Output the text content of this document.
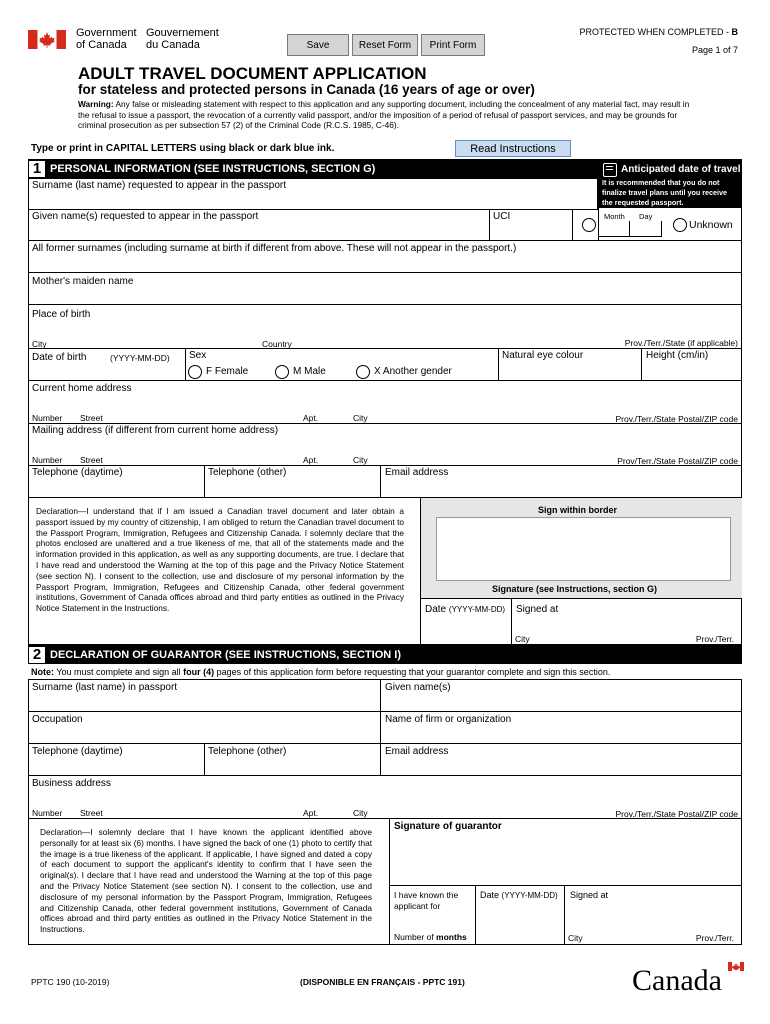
Government
of Canada
Gouvernement
du Canada	Save	Reset Form	Print Form
PROTECTED WHEN COMPLETED - B
Page 1 of 7
ADULT TRAVEL DOCUMENT APPLICATION
for stateless and protected persons in Canada (16 years of age or over)
Warning: Any false or misleading statement with respect to this application and any supporting document, including the concealment of any material fact, may result in
the refusal to issue a passport, the revocation of a currently valid passport, and/or the imposition of a period of refusal of passport services, and may be grounds for
criminal prosecution as per subsection 57 (2) of the Criminal Code (R.C.S. 1985, C-46).
Type or print in CAPITAL LETTERS using black or dark blue ink.	Read Instructions
1 PERSONAL INFORMATION (SEE INSTRUCTIONS, SECTION G)	Anticipated date of travel
It is recommended that you do not
finalize travel plans until you receive
the requested passport.
Month Day
Unknown
Surname (last name) requested to appear in the passport
Given name(s) requested to appear in the passport	UCI
All former surnames (including surname at birth if different from above. These will not appear in the passport.)
Mother's maiden name
Place of birth
City	Country	Prov./Terr./State (if applicable)
Date of birth	(YYYY-MM-DD) Sex
F Female	M Male	X Another gender
Natural eye colour	Height (cm/in)
Current home address
Number Street	Apt.	City	Prov./Terr./State Postal/ZIP code
Mailing address (if different from current home address)
Number Street	Apt.	City	Prov/Terr./State Postal/ZIP code
Telephone (daytime)	Telephone (other)	Email address
Declaration—I understand that if I am issued a Canadian travel document and later obtain a passport issued by my country of citizenship, I am obliged to return the Canadian travel document to the Passport Program, Immigration, Refugees and Citizenship Canada. I solemnly declare that the photos enclosed are unaltered and a true likeness of me, that all of the statements made and the information provided in this application, as well as any supporting documents, are true. I declare that I have read and understood the Warning at the top of this page and the Privacy Notice Statement (see section N). I consent to the collection, use and disclosure of my personal information by the Passport Program, Immigration, Refugees and Citizenship Canada, other federal government institutions, Government of Canada offices abroad and third party entities as outlined in the Privacy Notice Statement in the Instructions.
Sign within border
Signature (see Instructions, section G)
Date (YYYY-MM-DD) Signed at
City	Prov./Terr.
2 DECLARATION OF GUARANTOR (SEE INSTRUCTIONS, SECTION I)
Note: You must complete and sign all four (4) pages of this application form before requesting that your guarantor complete and sign this section.
Surname (last name) in passport	Given name(s)
Occupation	Name of firm or organization
Telephone (daytime)	Telephone (other)	Email address
Business address
Number Street	Apt.	City	Prov./Terr./State Postal/ZIP code
Declaration—I solemnly declare that I have known the applicant identified above personally for at least six (6) months. I have signed the back of one (1) photo to certify that the image is a true likeness of the applicant. If applicable, I have signed and dated a copy of each document to support the applicant's identity to confirm that I have seen the original(s). I declare that I have read and understood the Warning at the top of this page and the Privacy Notice Statement (see section N). I consent to the collection, use and disclosure of my personal information by the Passport Program, Immigration, Refugees and Citizenship Canada, other federal government institutions, Government of Canada offices abroad and third party entities as outlined in the Privacy Notice Statement in the Instructions.
Signature of guarantor
I have known the
applicant for
Number of months
Date (YYYY-MM-DD) Signed at
City	Prov./Terr.
PPTC 190 (10-2019)	(DISPONIBLE EN FRANÇAIS - PPTC 191)	Canada
